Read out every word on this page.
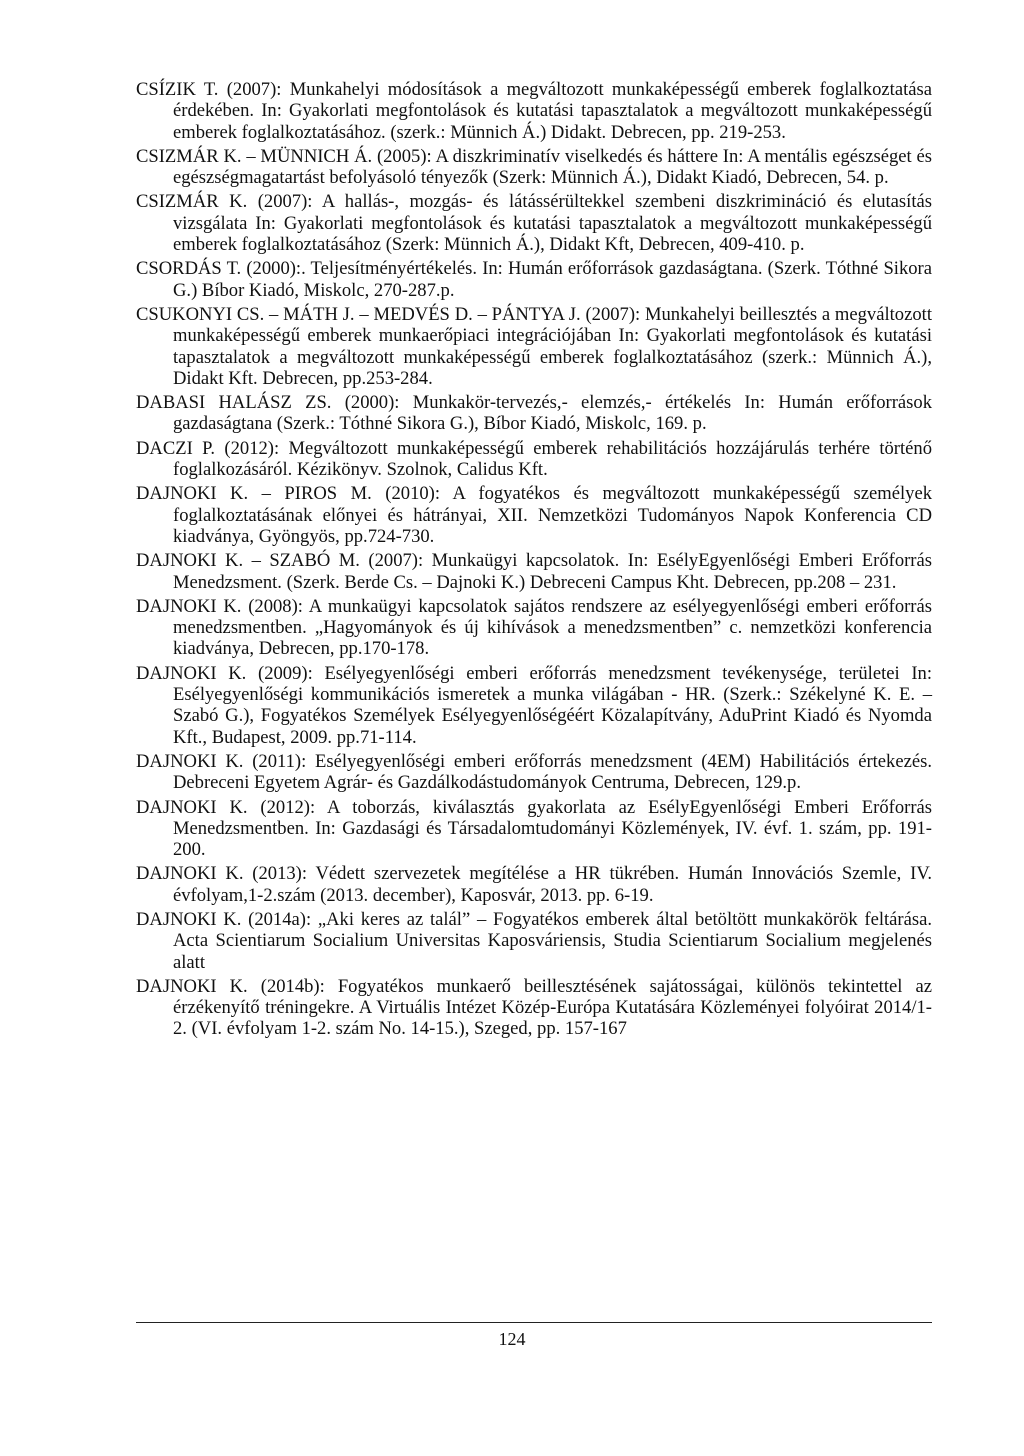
CSÍZIK T. (2007): Munkahelyi módosítások a megváltozott munkaképességű emberek foglalkoztatása érdekében. In: Gyakorlati megfontolások és kutatási tapasztalatok a megváltozott munkaképességű emberek foglalkoztatásához. (szerk.: Münnich Á.) Didakt. Debrecen, pp. 219-253.

CSIZMÁR K. – MÜNNICH Á. (2005): A diszkriminatív viselkedés és háttere In: A mentális egészséget és egészségmagatartást befolyásoló tényezők (Szerk: Münnich Á.), Didakt Kiadó, Debrecen, 54. p.

CSIZMÁR K. (2007): A hallás-, mozgás- és látássérültekkel szembeni diszkrimináció és elutasítás vizsgálata In: Gyakorlati megfontolások és kutatási tapasztalatok a megváltozott munkaképességű emberek foglalkoztatásához (Szerk: Münnich Á.), Didakt Kft, Debrecen, 409-410. p.

CSORDÁS T. (2000):. Teljesítményértékelés. In: Humán erőforrások gazdaságtana. (Szerk. Tóthné Sikora G.) Bíbor Kiadó, Miskolc, 270-287.p.

CSUKONYI CS. – MÁTH J. – MEDVÉS D. – PÁNTYA J. (2007): Munkahelyi beillesztés a megváltozott munkaképességű emberek munkaerőpiaci integrációjában In: Gyakorlati megfontolások és kutatási tapasztalatok a megváltozott munkaképességű emberek foglalkoztatásához (szerk.: Münnich Á.), Didakt Kft. Debrecen, pp.253-284.

DABASI HALÁSZ ZS. (2000): Munkakör-tervezés,- elemzés,- értékelés In: Humán erőforrások gazdaságtana (Szerk.: Tóthné Sikora G.), Bíbor Kiadó, Miskolc, 169. p.

DACZI P. (2012): Megváltozott munkaképességű emberek rehabilitációs hozzájárulás terhére történő foglalkozásáról. Kézikönyv. Szolnok, Calidus Kft.

DAJNOKI K. – PIROS M. (2010): A fogyatékos és megváltozott munkaképességű személyek foglalkoztatásának előnyei és hátrányai, XII. Nemzetközi Tudományos Napok Konferencia CD kiadványa, Gyöngyös, pp.724-730.

DAJNOKI K. – SZABÓ M. (2007): Munkaügyi kapcsolatok. In: EsélyEgyenlőségi Emberi Erőforrás Menedzsment. (Szerk. Berde Cs. – Dajnoki K.) Debreceni Campus Kht. Debrecen, pp.208 – 231.

DAJNOKI K. (2008): A munkaügyi kapcsolatok sajátos rendszere az esélyegyenlőségi emberi erőforrás menedzsmentben. „Hagyományok és új kihívások a menedzsmentben” c. nemzetközi konferencia kiadványa, Debrecen, pp.170-178.

DAJNOKI K. (2009): Esélyegyenlőségi emberi erőforrás menedzsment tevékenysége, területei In: Esélyegyenlőségi kommunikációs ismeretek a munka világában - HR. (Szerk.: Székelyné K. E. – Szabó G.), Fogyatékos Személyek Esélyegyenlőségéért Közalapítvány, AduPrint Kiadó és Nyomda Kft., Budapest, 2009. pp.71-114.

DAJNOKI K. (2011): Esélyegyenlőségi emberi erőforrás menedzsment (4EM) Habilitációs értekezés. Debreceni Egyetem Agrár- és Gazdálkodástudományok Centruma, Debrecen, 129.p.

DAJNOKI K. (2012): A toborzás, kiválasztás gyakorlata az EsélyEgyenlőségi Emberi Erőforrás Menedzsmentben. In: Gazdasági és Társadalomtudományi Közlemények, IV. évf. 1. szám, pp. 191-200.

DAJNOKI K. (2013): Védett szervezetek megítélése a HR tükrében. Humán Innovációs Szemle, IV. évfolyam,1-2.szám (2013. december), Kaposvár, 2013. pp. 6-19.

DAJNOKI K. (2014a): „Aki keres az talál” – Fogyatékos emberek által betöltött munkakörök feltárása. Acta Scientiarum Socialium Universitas Kaposváriensis, Studia Scientiarum Socialium megjelenés alatt

DAJNOKI K. (2014b): Fogyatékos munkaerő beillesztésének sajátosságai, különös tekintettel az érzékenyítő tréningekre. A Virtuális Intézet Közép-Európa Kutatására Közleményei folyóirat 2014/1-2. (VI. évfolyam 1-2. szám No. 14-15.), Szeged, pp. 157-167

124
